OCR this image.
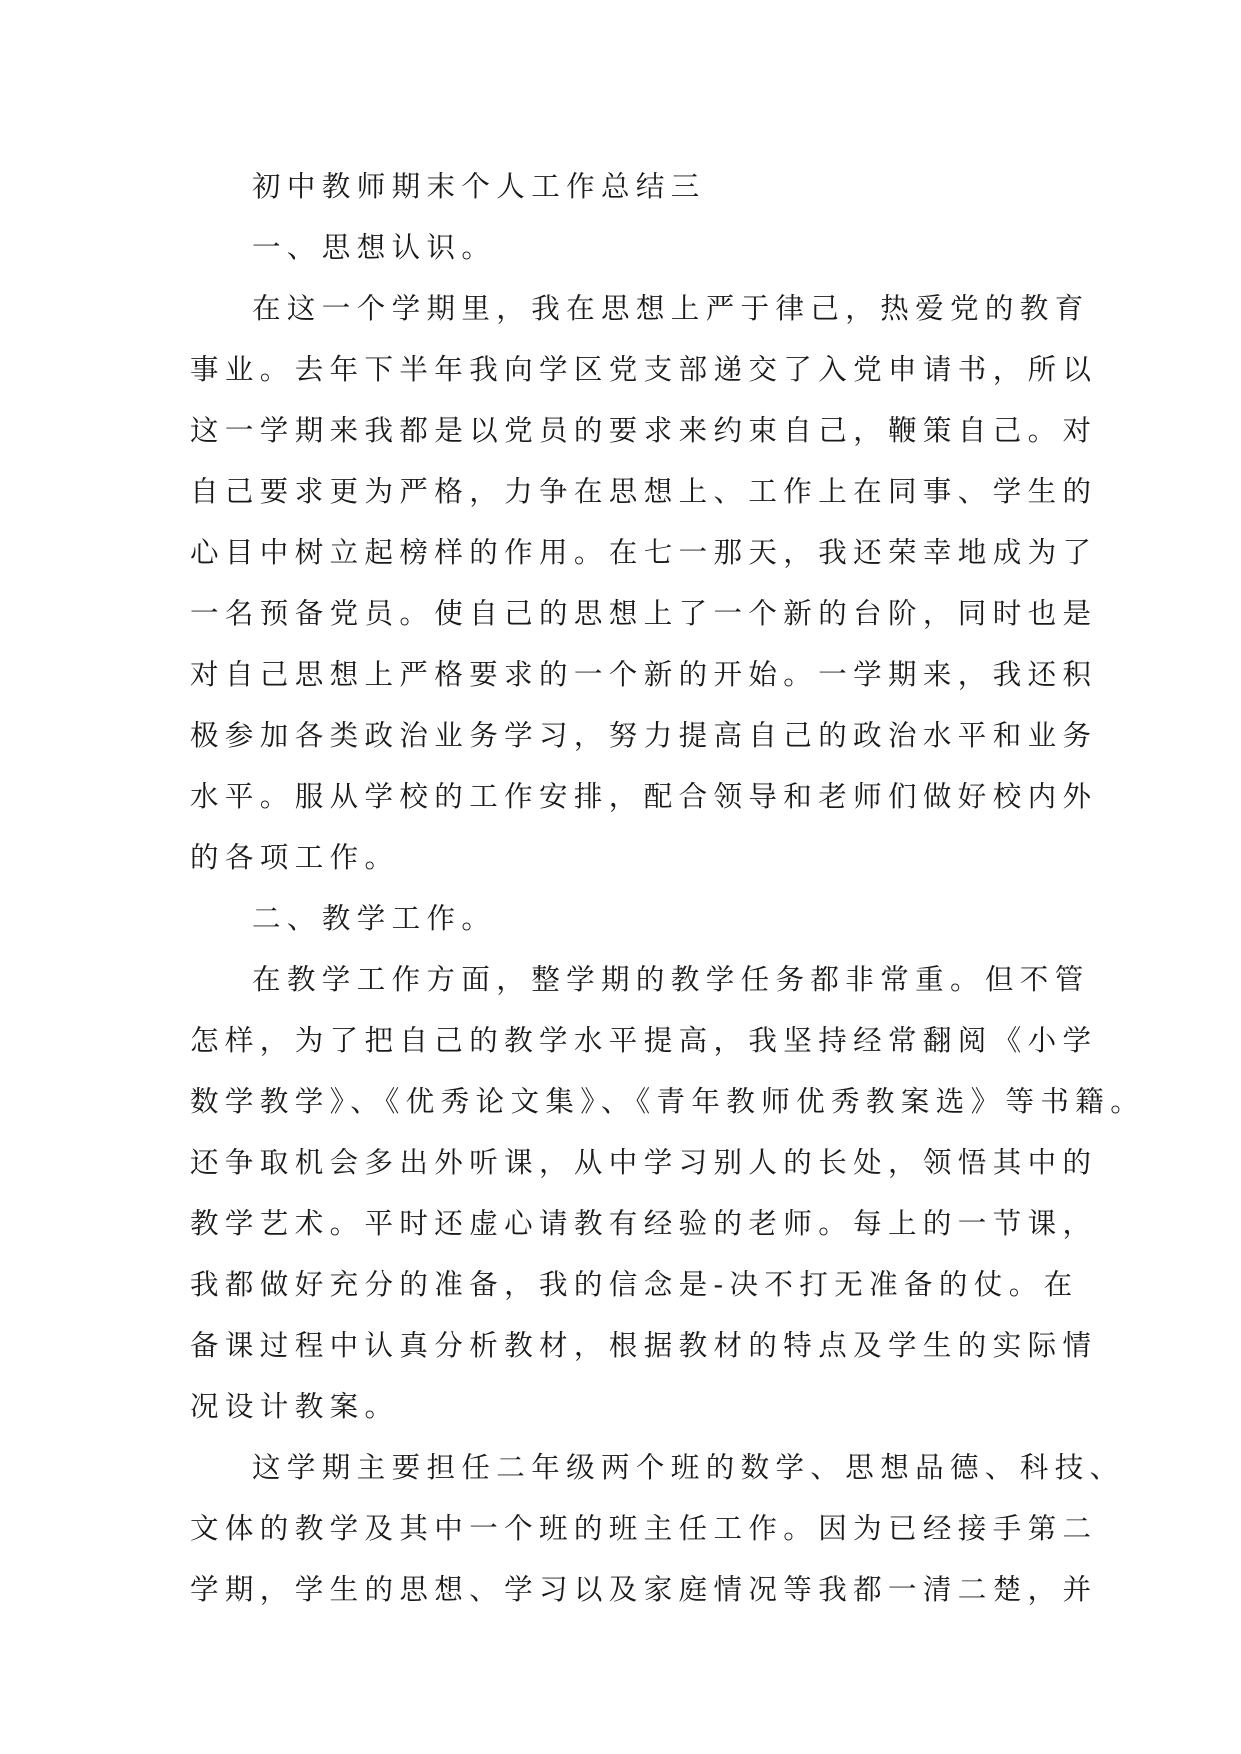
初中教师期末个人工作总结三
一、思想认识。
在这一个学期里，我在思想上严于律己，热爱党的教育
事业。去年下半年我向学区党支部递交了入党申请书，所以
这一学期来我都是以党员的要求来约束自己，鞭策自己。对
自己要求更为严格，力争在思想上、工作上在同事、学生的
心目中树立起榜样的作用。在七一那天，我还荣幸地成为了
一名预备党员。使自己的思想上了一个新的台阶，同时也是
对自己思想上严格要求的一个新的开始。一学期来，我还积
极参加各类政治业务学习，努力提高自己的政治水平和业务
水平。服从学校的工作安排，配合领导和老师们做好校内外
的各项工作。
二、教学工作。
在教学工作方面，整学期的教学任务都非常重。但不管
怎样，为了把自己的教学水平提高，我坚持经常翻阅《小学
数学教学》、《优秀论文集》、《青年教师优秀教案选》等书籍。
还争取机会多出外听课，从中学习别人的长处，领悟其中的
教学艺术。平时还虚心请教有经验的老师。每上的一节课，
我都做好充分的准备，我的信念是-决不打无准备的仗。在
备课过程中认真分析教材，根据教材的特点及学生的实际情
况设计教案。
这学期主要担任二年级两个班的数学、思想品德、科技、
文体的教学及其中一个班的班主任工作。因为已经接手第二
学期，学生的思想、学习以及家庭情况等我都一清二楚，并
